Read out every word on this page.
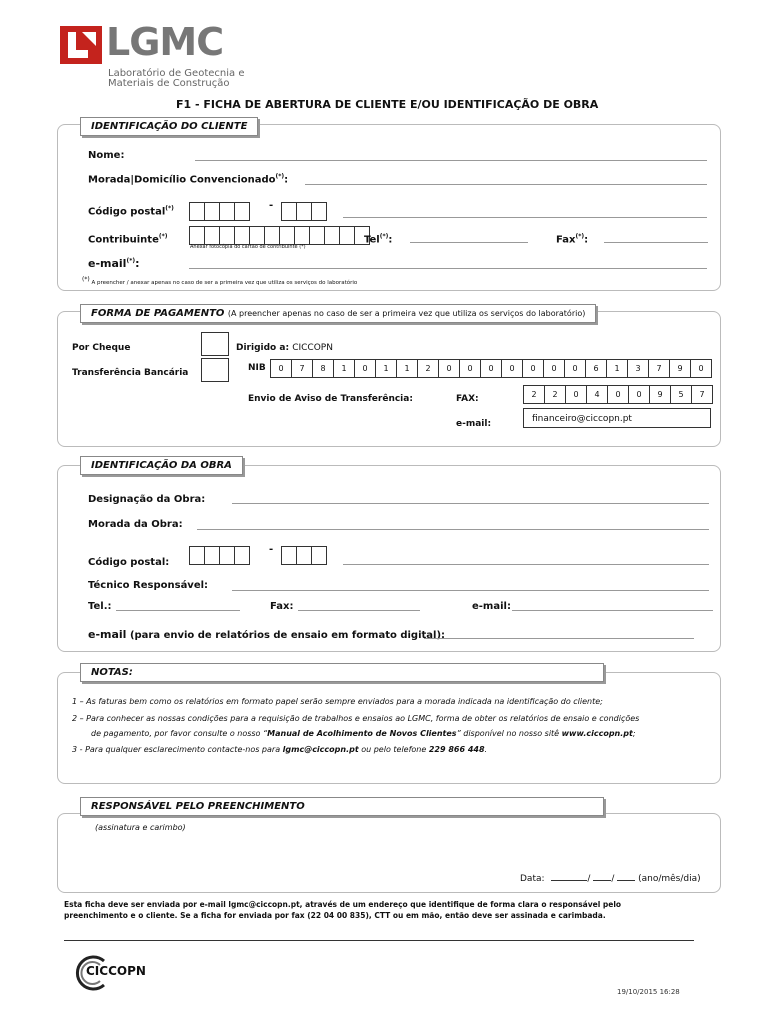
LGMC
Laboratório de Geotecnia e
Materiais de Construção
F1 - FICHA DE ABERTURA DE CLIENTE E/OU IDENTIFICAÇÃO DE OBRA
IDENTIFICAÇÃO DO CLIENTE
Nome:
Morada|Domicílio Convencionado(*):
Código postal(*)	-
Contribuinte(*)
Anexar fotocópia do cartão de contribuinte (*)
Tel(*):	Fax(*):
e-mail(*):
(*) A preencher / anexar apenas no caso de ser a primeira vez que utiliza os serviços do laboratório
FORMA DE PAGAMENTO (A preencher apenas no caso de ser a primeira vez que utiliza os serviços do laboratório)
Por Cheque
Transferência Bancária
Dirigido a: CICCOPN
NIB	0	7	8	1	0	1	1	2	0	0	0	0	0	0	0	6	1	3	7	9	0
Envio de Aviso de Transferência:	FAX:	2	2	0	4	0	0	9	5	7
e-mail:	financeiro@ciccopn.pt
IDENTIFICAÇÃO DA OBRA
Designação da Obra:
Morada da Obra:
Código postal:
-
Técnico Responsável:
Tel.:	Fax:	e-mail:
e-mail (para envio de relatórios de ensaio em formato digital):
NOTAS:
1 – As faturas bem como os relatórios em formato papel serão sempre enviados para a morada indicada na identificação do cliente;
2 – Para conhecer as nossas condições para a requisição de trabalhos e ensaios ao LGMC, forma de obter os relatórios de ensaio e condições
de pagamento, por favor consulte o nosso “Manual de Acolhimento de Novos Clientes” disponível no nosso sitê www.ciccopn.pt;
3 - Para qualquer esclarecimento contacte-nos para lgmc@ciccopn.pt ou pelo telefone 229 866 448.
RESPONSÁVEL PELO PREENCHIMENTO
(assinatura e carimbo)
Data:	/ /  (ano/mês/dia)
Esta ficha deve ser enviada por e-mail lgmc@ciccopn.pt, através de um endereço que identifique de forma clara o responsável pelo
preenchimento e o cliente. Se a ficha for enviada por fax (22 04 00 835), CTT ou em mão, então deve ser assinada e carimbada.
CICCOPN
19/10/2015 16:28
